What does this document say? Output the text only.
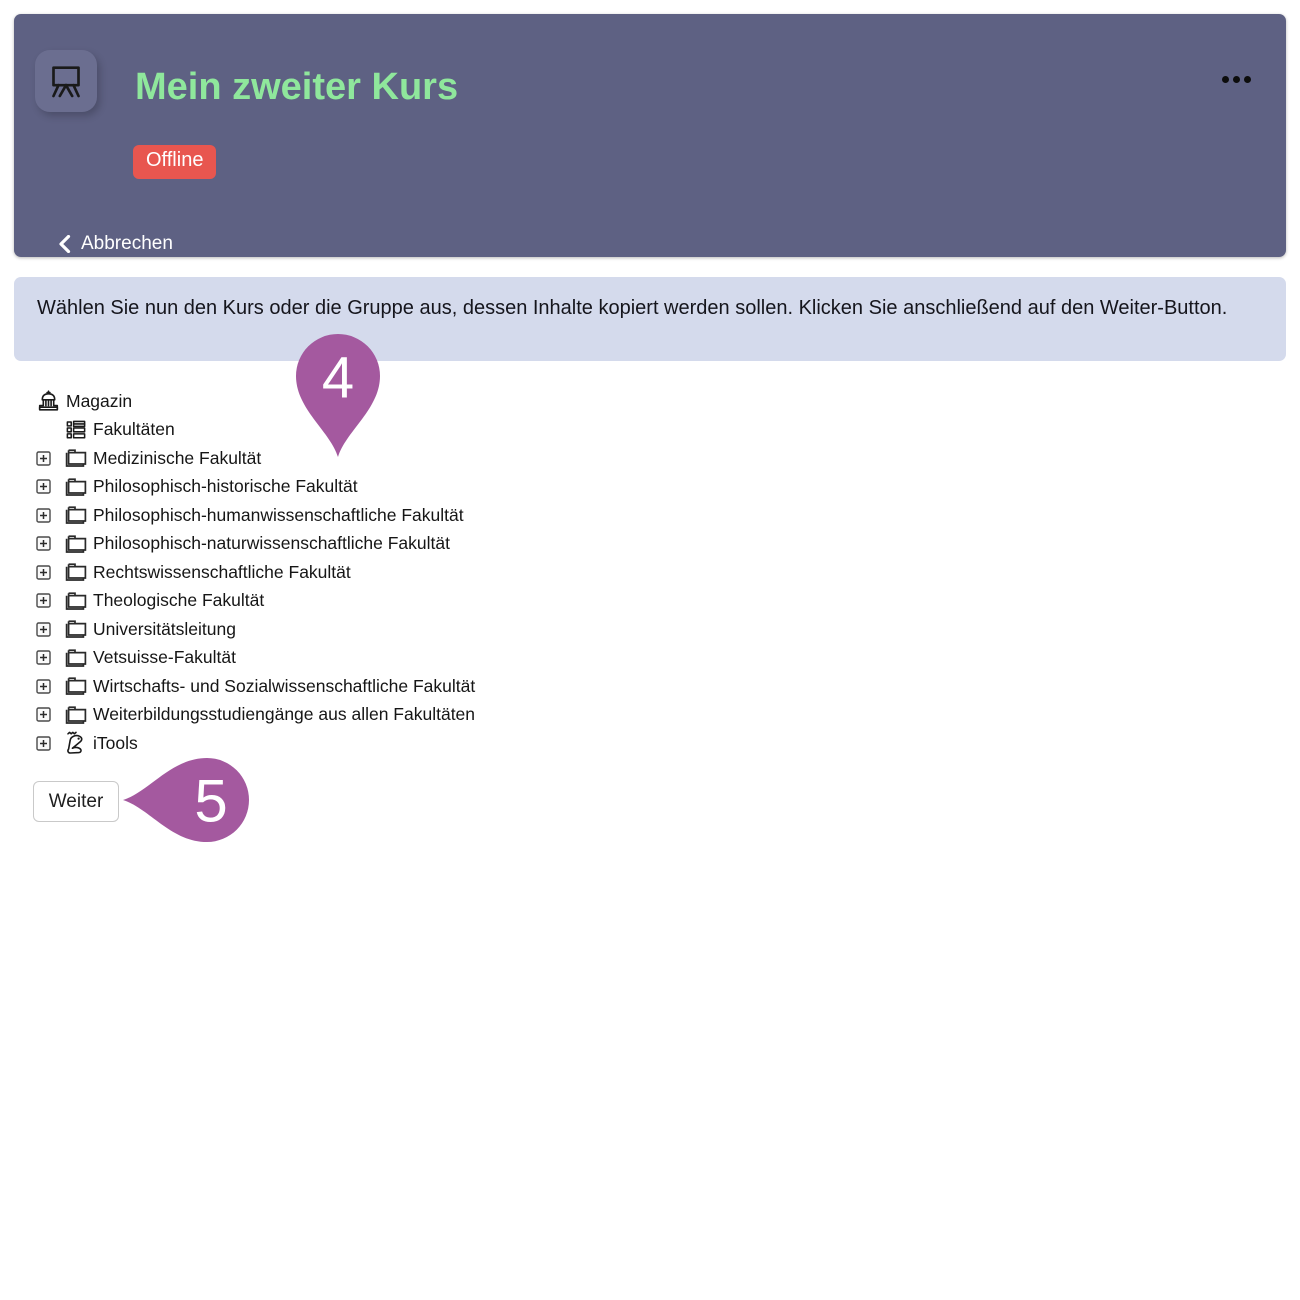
Mein zweiter Kurs
Offline
Abbrechen
Wählen Sie nun den Kurs oder die Gruppe aus, dessen Inhalte kopiert werden sollen. Klicken Sie anschließend auf den Weiter-Button.
Magazin
Fakultäten
Medizinische Fakultät
Philosophisch-historische Fakultät
Philosophisch-humanwissenschaftliche Fakultät
Philosophisch-naturwissenschaftliche Fakultät
Rechtswissenschaftliche Fakultät
Theologische Fakultät
Universitätsleitung
Vetsuisse-Fakultät
Wirtschafts- und Sozialwissenschaftliche Fakultät
Weiterbildungsstudiengänge aus allen Fakultäten
iTools
Weiter
4
5
